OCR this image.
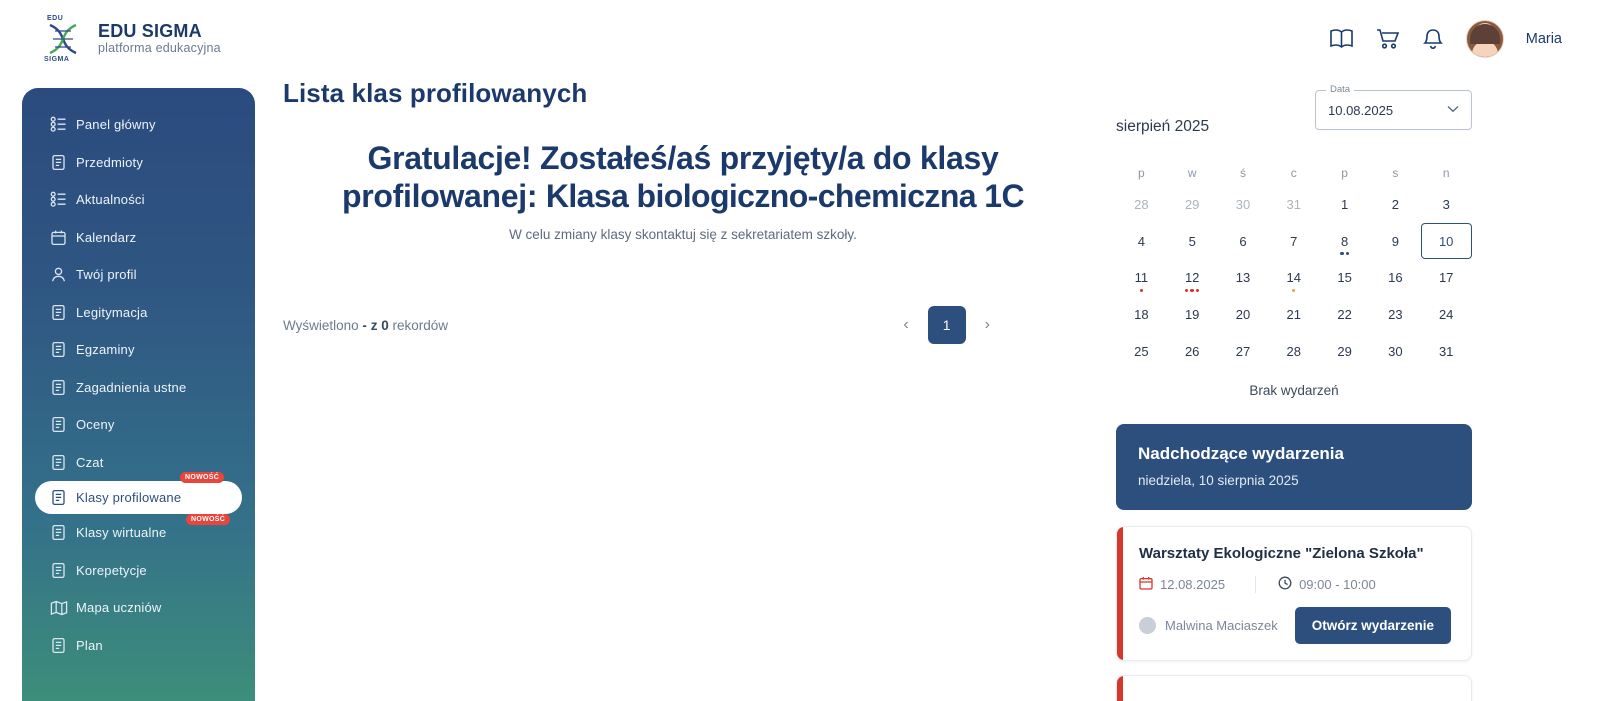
EDU
SIGMA
EDU SIGMA
platforma edukacyjna
Maria
Panel główny
Przedmioty
Aktualności
Kalendarz
Twój profil
Legitymacja
Egzaminy
Zagadnienia ustne
Oceny
Czat
Klasy profilowane
NOWOŚĆ
Klasy wirtualne
NOWOŚĆ
Korepetycje
Mapa uczniów
Plan
Lista klas profilowanych
Gratulacje! Zostałeś/aś przyjęty/a do klasy profilowanej: Klasa biologiczno-chemiczna 1C
W celu zmiany klasy skontaktuj się z sekretariatem szkoły.
Wyświetlono - z 0 rekordów	‹	1	›
sierpień 2025
Data
10.08.2025
p	w	ś	c	p	s	n
28	29	30	31	1	2	3
4	5	6	7	8	9	10
11	12	13	14	15	16	17
18	19	20	21	22	23	24
25	26	27	28	29	30	31
Brak wydarzeń
Nadchodzące wydarzenia
niedziela, 10 sierpnia 2025
Warsztaty Ekologiczne "Zielona Szkoła"
12.08.2025	09:00 - 10:00
Malwina Maciaszek	Otwórz wydarzenie
